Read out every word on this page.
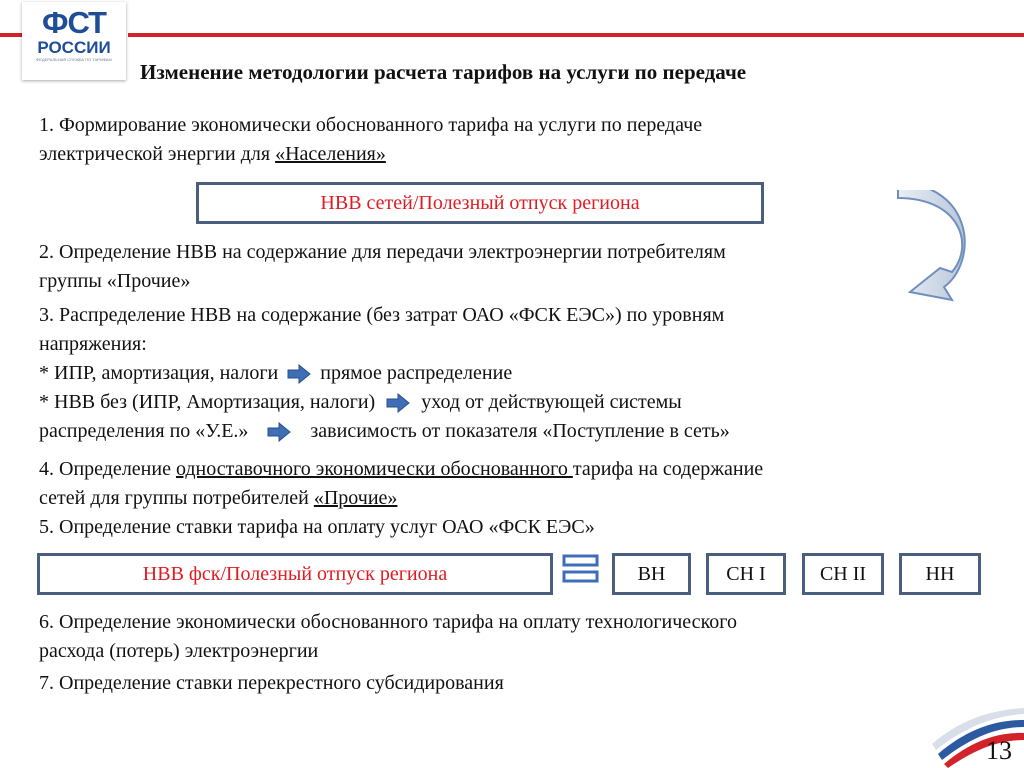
ФСТ
РОССИИ
ФЕДЕРАЛЬНАЯ СЛУЖБА ПО ТАРИФАМ
Изменение методологии расчета тарифов на услуги по передаче
1. Формирование экономически обоснованного тарифа на услуги по передаче
электрической энергии для «Населения»
НВВ сетей/Полезный отпуск региона
2. Определение НВВ на содержание для передачи электроэнергии потребителям
группы «Прочие»
3. Распределение НВВ на содержание (без затрат ОАО «ФСК ЕЭС») по уровням
напряжения:
* ИПР, амортизация, налоги прямое распределение
* НВВ без (ИПР, Амортизация, налоги) уход от действующей системы
распределения по «У.Е.»	зависимость от показателя «Поступление в сеть»
4. Определение одноставочного экономически обоснованного тарифа на содержание
сетей для группы потребителей «Прочие»
5. Определение ставки тарифа на оплату услуг ОАО «ФСК ЕЭС»
НВВ фск/Полезный отпуск региона	ВН	СН I	СН II	НН
6. Определение экономически обоснованного тарифа на оплату технологического
расхода (потерь) электроэнергии
7. Определение ставки перекрестного субсидирования
13
